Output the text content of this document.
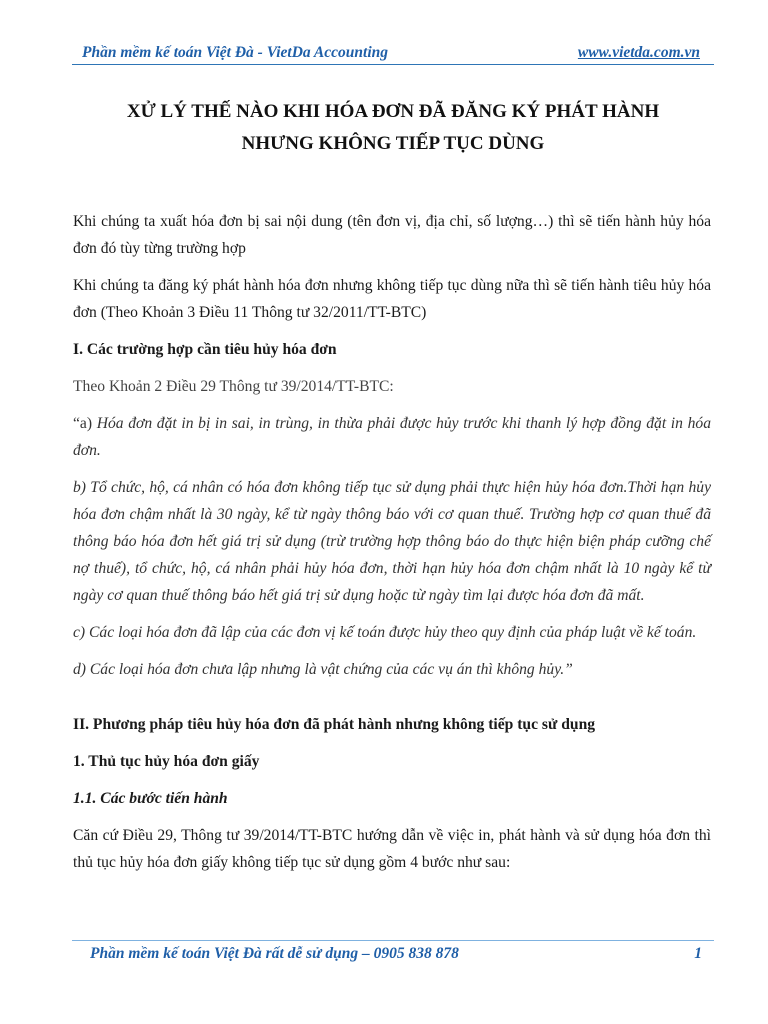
Phần mềm kế toán Việt Đà - VietDa Accounting	www.vietda.com.vn
XỬ LÝ THẾ NÀO KHI HÓA ĐƠN ĐÃ ĐĂNG KÝ PHÁT HÀNH
NHƯNG KHÔNG TIẾP TỤC DÙNG

Khi chúng ta xuất hóa đơn bị sai nội dung (tên đơn vị, địa chỉ, số lượng…) thì sẽ tiến hành hủy hóa đơn đó tùy từng trường hợp

Khi chúng ta đăng ký phát hành hóa đơn nhưng không tiếp tục dùng nữa thì sẽ tiến hành tiêu hủy hóa đơn (Theo Khoản 3 Điều 11 Thông tư 32/2011/TT-BTC)

I. Các trường hợp cần tiêu hủy hóa đơn

Theo Khoản 2 Điều 29 Thông tư 39/2014/TT-BTC:

“a) Hóa đơn đặt in bị in sai, in trùng, in thừa phải được hủy trước khi thanh lý hợp đồng đặt in hóa đơn.

b) Tổ chức, hộ, cá nhân có hóa đơn không tiếp tục sử dụng phải thực hiện hủy hóa đơn.Thời hạn hủy hóa đơn chậm nhất là 30 ngày, kể từ ngày thông báo với cơ quan thuế. Trường hợp cơ quan thuế đã thông báo hóa đơn hết giá trị sử dụng (trừ trường hợp thông báo do thực hiện biện pháp cưỡng chế nợ thuế), tổ chức, hộ, cá nhân phải hủy hóa đơn, thời hạn hủy hóa đơn chậm nhất là 10 ngày kể từ ngày cơ quan thuế thông báo hết giá trị sử dụng hoặc từ ngày tìm lại được hóa đơn đã mất.

c) Các loại hóa đơn đã lập của các đơn vị kế toán được hủy theo quy định của pháp luật về kế toán.

d) Các loại hóa đơn chưa lập nhưng là vật chứng của các vụ án thì không hủy.”

II. Phương pháp tiêu hủy hóa đơn đã phát hành nhưng không tiếp tục sử dụng

1. Thủ tục hủy hóa đơn giấy

1.1. Các bước tiến hành

Căn cứ Điều 29, Thông tư 39/2014/TT-BTC hướng dẫn về việc in, phát hành và sử dụng hóa đơn thì thủ tục hủy hóa đơn giấy không tiếp tục sử dụng gồm 4 bước như sau:

Phần mềm kế toán Việt Đà rất dễ sử dụng – 0905 838 878	1
